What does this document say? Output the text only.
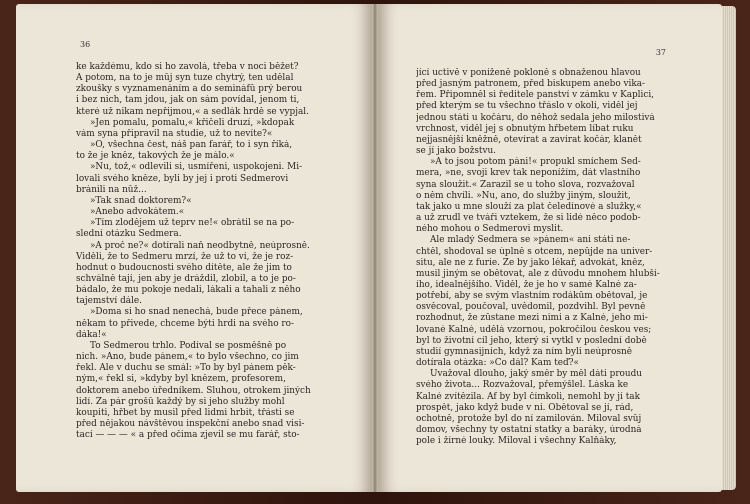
36
ke každému, kdo si ho zavolá, třeba v noci běžet?
A potom, na to je můj syn tuze chytrý, ten udělal
zkoušky s vyznamenáním a do semináfů prý berou
i bez nich, tam jdou, jak on sám povídal, jenom ti,
které už nikam nepřijmou,« a sedlák hrdě se vypjal.
»Jen pomalu, pomalu,« křičeli druzí, »kdopak
vám syna připravil na studie, už to nevíte?«
»O, všechna čest, náš pan farář, to i syn říká,
to že je kněz, takových že je málo.«
»Nu, tož,« odlevili si, usmířeni, uspokojeni. Mi-
lovali svého kněze, byli by jej i proti Sedmerovi
bránili na nůž...
»Tak snad doktorem?«
»Anebo advokátem.«
»Tím zlodějem už teprv ne!« obrátil se na po-
slední otázku Sedmera.
»A proč ne?« dotírali naň neodbytně, neúprosně.
Viděli, že to Sedmeru mrzí, že už to ví, že je roz-
hodnut o budoucnosti svého dítěte, ale že jim to
schválně tají, jen aby je dráždil, zlobil, a to je po-
bádalo, že mu pokoje nedali, lákali a tahali z něho
tajemství dále.
»Doma si ho snad nenechá, bude přece pánem,
někam to přivede, chceme býti hrdi na svého ro-
dáka!«
To Sedmerou trhlo. Podíval se posměšně po
nich. »Ano, bude pánem,« to bylo všechno, co jim
řekl. Ale v duchu se smál: »To by byl pánem pěk-
ným,« řekl si, »kdyby byl knězem, profesorem,
doktorem anebo úředníkem. Sluhou, otrokem jiných
lidí. Za pár grošů každý by si jeho služby mohl
koupiti, hřbet by musil před lidmi hrbit, třásti se
před nějakou návštěvou inspekční anebo snad visi-
tací — — — « a před očima zjevil se mu farář, sto-
37
jící uctivě v poníženě pokloně s obnaženou hlavou
před jasným patronem, před biskupem anebo vika-
řem. Připomněl si ředitele panství v zámku v Kaplici,
před kterým se tu všechno třáslo v okolí, viděl jej
jednou státi u kočáru, do něhož sedala jeho milostivá
vrchnost, viděl jej s obnutým hřbetem líbat ruku
nejjasnější kněžně, otevírat a zavírat kočár, klanět
se jí jako božstvu.
»A to jsou potom páni!« propukl smíchem Sed-
mera, »ne, svoji krev tak neponížím, dát vlastního
syna sloužit.« Zarazil se u toho slova, rozvažoval
o něm chvíli. »Nu, ano, do služby jiným, sloužit,
tak jako u mne slouží za plat čeledínové a služky,«
a už zrudl ve tváři vztekem, že si lidé něco podob-
ného mohou o Sedmerovi myslit.
Ale mladý Sedmera se »pánem« ani státi ne-
chtěl, shodoval se úplně s otcem, nepůjde na univer-
situ, ale ne z furie. Že by jako lékař, advokát, kněz,
musil jiným se obětovat, ale z důvodu mnohem hlubší-
ího, idealnějšího. Viděl, že je ho v samé Kalné za-
potřebí, aby se svým vlastním rodákům obětoval, je
osvěcoval, poučoval, uvědomil, pozdvihl. Byl pevně
rozhodnut, že zůstane mezi nimi a z Kalné, jeho mi-
lované Kalné, udělá vzornou, pokročilou českou ves;
byl to životní cíl jeho, který si vytkl v poslední době
studií gymnasijních, když za ním byli neúprosně
dotírala otázka: »Co dál? Kam teď?«
Uvažoval dlouho, jaký směr by měl dáti proudu
svého života... Rozvažoval, přemýšlel. Láska ke
Kalné zvítězila. Af by byl čímkoli, nemohl by jí tak
prospět, jako když bude v ní. Obětoval se jí, rád,
ochotně, protože byl do ní zamilován. Miloval svůj
domov, všechny ty ostatní statky a barákу, úrodná
pole i žírné louky. Miloval i všechny Kalňáky,
